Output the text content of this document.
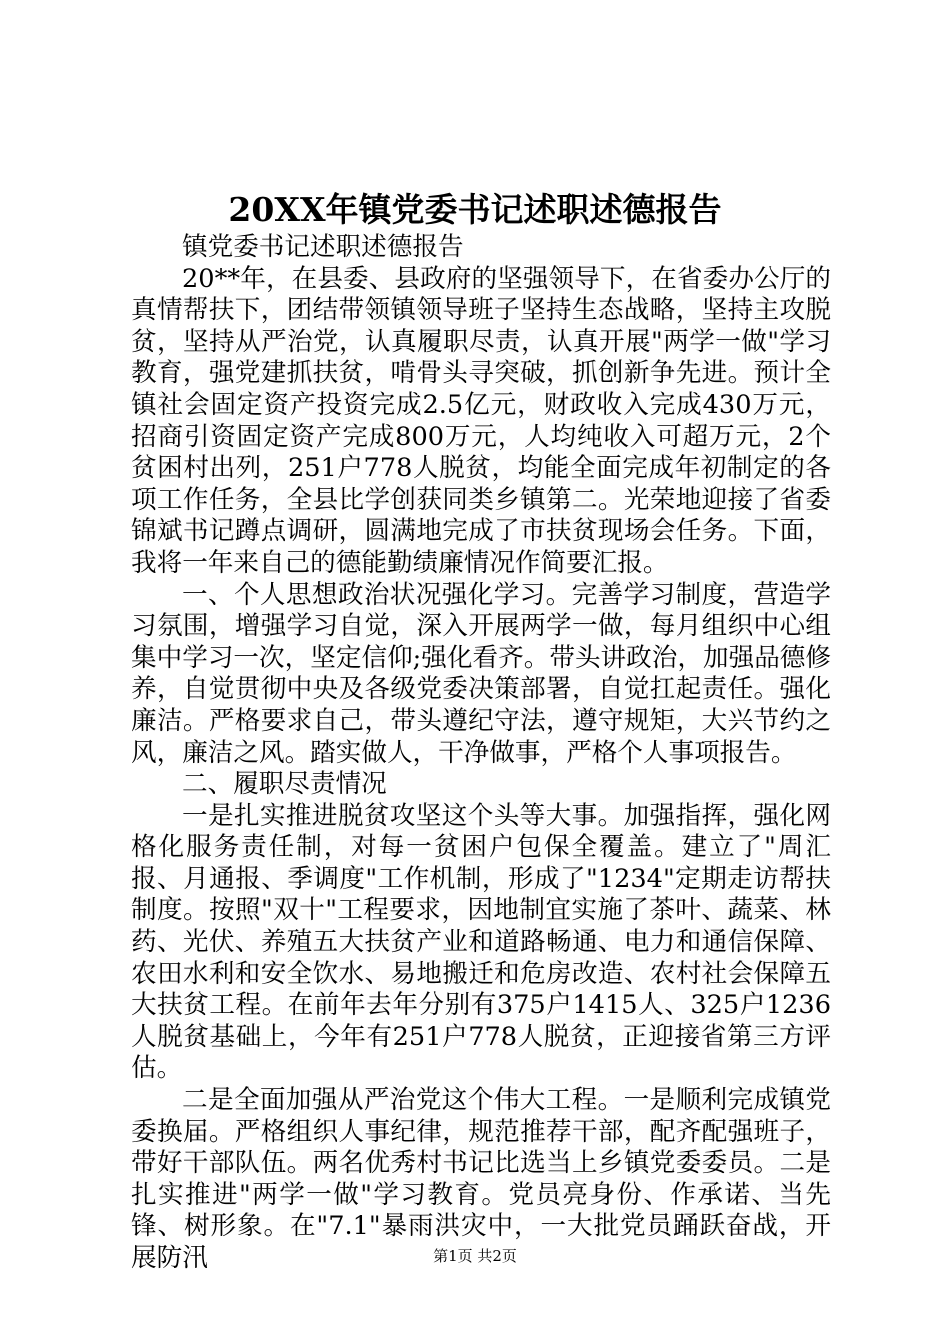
20XX年镇党委书记述职述德报告

镇党委书记述职述德报告

20**年，在县委、县政府的坚强领导下，在省委办公厅的真情帮扶下，团结带领镇领导班子坚持生态战略，坚持主攻脱贫，坚持从严治党，认真履职尽责，认真开展"两学一做"学习教育，强党建抓扶贫，啃骨头寻突破，抓创新争先进。预计全镇社会固定资产投资完成2.5亿元，财政收入完成430万元，招商引资固定资产完成800万元，人均纯收入可超万元，2个贫困村出列，251户778人脱贫，均能全面完成年初制定的各项工作任务，全县比学创获同类乡镇第二。光荣地迎接了省委锦斌书记蹲点调研，圆满地完成了市扶贫现场会任务。下面，我将一年来自己的德能勤绩廉情况作简要汇报。

一、个人思想政治状况强化学习。完善学习制度，营造学习氛围，增强学习自觉，深入开展两学一做，每月组织中心组集中学习一次，坚定信仰;强化看齐。带头讲政治，加强品德修养，自觉贯彻中央及各级党委决策部署，自觉扛起责任。强化廉洁。严格要求自己，带头遵纪守法，遵守规矩，大兴节约之风，廉洁之风。踏实做人，干净做事，严格个人事项报告。

二、履职尽责情况

一是扎实推进脱贫攻坚这个头等大事。加强指挥，强化网格化服务责任制，对每一贫困户包保全覆盖。建立了"周汇报、月通报、季调度"工作机制，形成了"1234"定期走访帮扶制度。按照"双十"工程要求，因地制宜实施了茶叶、蔬菜、林药、光伏、养殖五大扶贫产业和道路畅通、电力和通信保障、农田水利和安全饮水、易地搬迁和危房改造、农村社会保障五大扶贫工程。在前年去年分别有375户1415人、325户1236人脱贫基础上，今年有251户778人脱贫，正迎接省第三方评估。

二是全面加强从严治党这个伟大工程。一是顺利完成镇党委换届。严格组织人事纪律，规范推荐干部，配齐配强班子，带好干部队伍。两名优秀村书记比选当上乡镇党委委员。二是扎实推进"两学一做"学习教育。党员亮身份、作承诺、当先锋、树形象。在"7.1"暴雨洪灾中，一大批党员踊跃奋战，开展防汛	第1页 共2页
